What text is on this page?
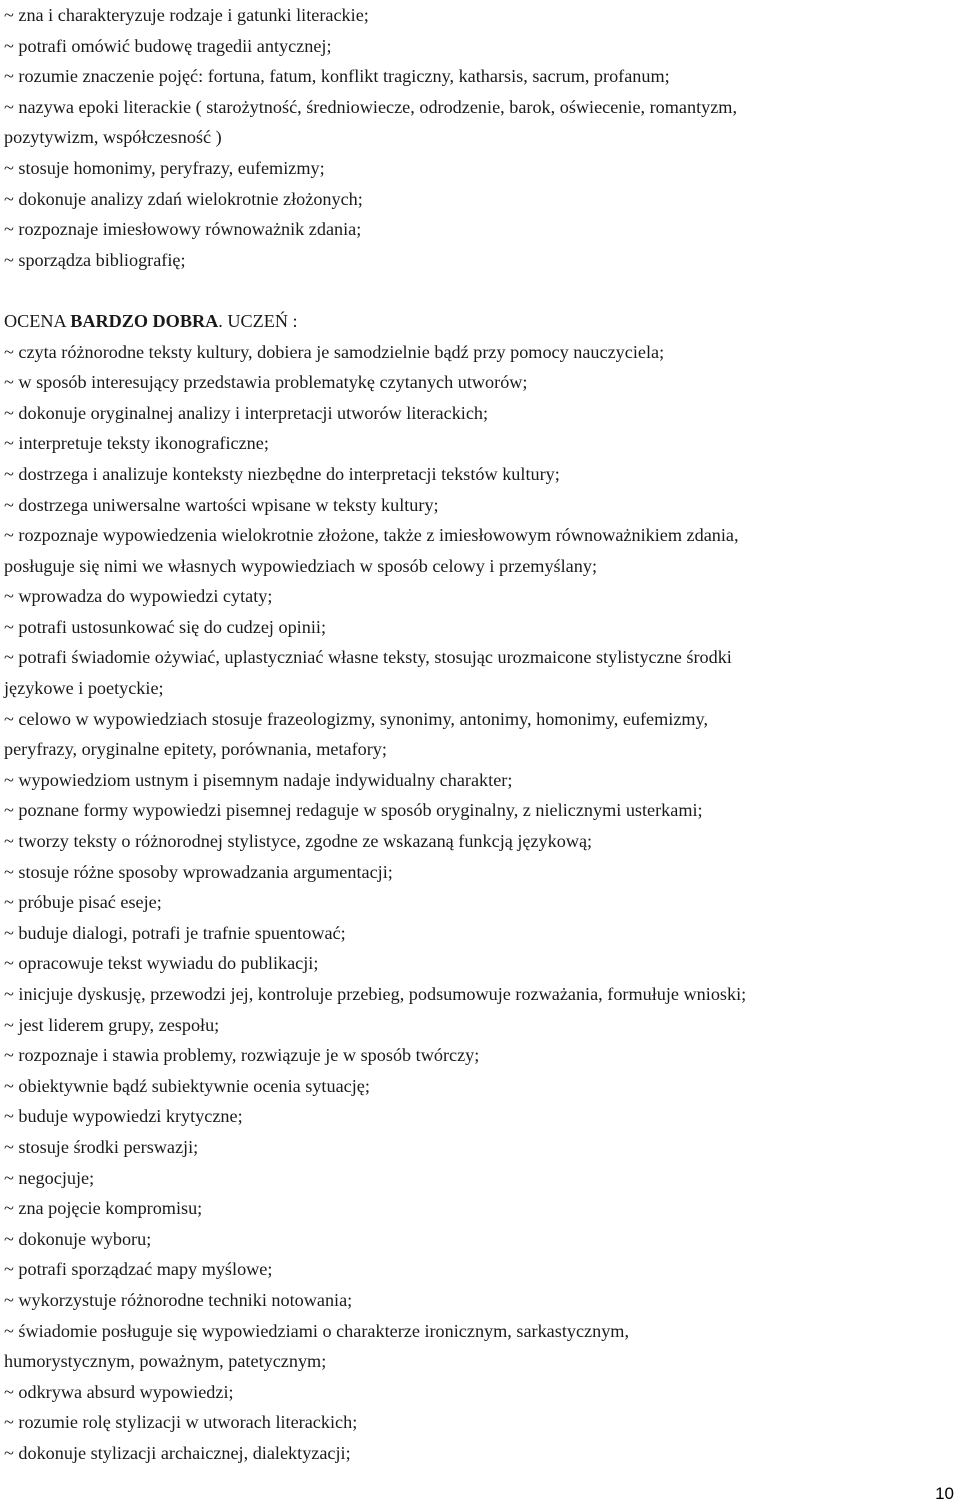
~ zna i charakteryzuje rodzaje i gatunki literackie;

~ potrafi omówić budowę tragedii antycznej;

~ rozumie znaczenie pojęć: fortuna, fatum, konflikt tragiczny, katharsis, sacrum, profanum;

~ nazywa epoki literackie ( starożytność, średniowiecze, odrodzenie, barok, oświecenie, romantyzm,

pozytywizm, współczesność )

~ stosuje homonimy, peryfrazy, eufemizmy;

~ dokonuje analizy zdań wielokrotnie złożonych;

~ rozpoznaje imiesłowowy równoważnik zdania;

~ sporządza bibliografię;

OCENA BARDZO DOBRA. UCZEŃ :

~ czyta różnorodne teksty kultury, dobiera je samodzielnie bądź przy pomocy nauczyciela;

~ w sposób interesujący przedstawia problematykę czytanych utworów;

~ dokonuje oryginalnej analizy i interpretacji utworów literackich;

~ interpretuje teksty ikonograficzne;

~ dostrzega i analizuje konteksty niezbędne do interpretacji tekstów kultury;

~ dostrzega uniwersalne wartości wpisane w teksty kultury;

~ rozpoznaje wypowiedzenia wielokrotnie złożone, także z imiesłowowym równoważnikiem zdania,

posługuje się nimi we własnych wypowiedziach w sposób celowy i przemyślany;

~ wprowadza do wypowiedzi cytaty;

~ potrafi ustosunkować się do cudzej opinii;

~ potrafi świadomie ożywiać, uplastyczniać własne teksty, stosując urozmaicone stylistyczne środki

językowe i poetyckie;

~ celowo w wypowiedziach stosuje frazeologizmy, synonimy, antonimy, homonimy, eufemizmy,

peryfrazy, oryginalne epitety, porównania, metafory;

~ wypowiedziom ustnym i pisemnym nadaje indywidualny charakter;

~ poznane formy wypowiedzi pisemnej redaguje w sposób oryginalny, z nielicznymi usterkami;

~ tworzy teksty o różnorodnej stylistyce, zgodne ze wskazaną funkcją językową;

~ stosuje różne sposoby wprowadzania argumentacji;

~ próbuje pisać eseje;

~ buduje dialogi, potrafi je trafnie spuentować;

~ opracowuje tekst wywiadu do publikacji;

~ inicjuje dyskusję, przewodzi jej, kontroluje przebieg, podsumowuje rozważania, formułuje wnioski;

~ jest liderem grupy, zespołu;

~ rozpoznaje i stawia problemy, rozwiązuje je w sposób twórczy;

~ obiektywnie bądź subiektywnie ocenia sytuację;

~ buduje wypowiedzi krytyczne;

~ stosuje środki perswazji;

~ negocjuje;

~ zna pojęcie kompromisu;

~ dokonuje wyboru;

~ potrafi sporządzać mapy myślowe;

~ wykorzystuje różnorodne techniki notowania;

~ świadomie posługuje się wypowiedziami o charakterze ironicznym, sarkastycznym,

humorystycznym, poważnym, patetycznym;

~ odkrywa absurd wypowiedzi;

~ rozumie rolę stylizacji w utworach literackich;

~ dokonuje stylizacji archaicznej, dialektyzacji;

10
